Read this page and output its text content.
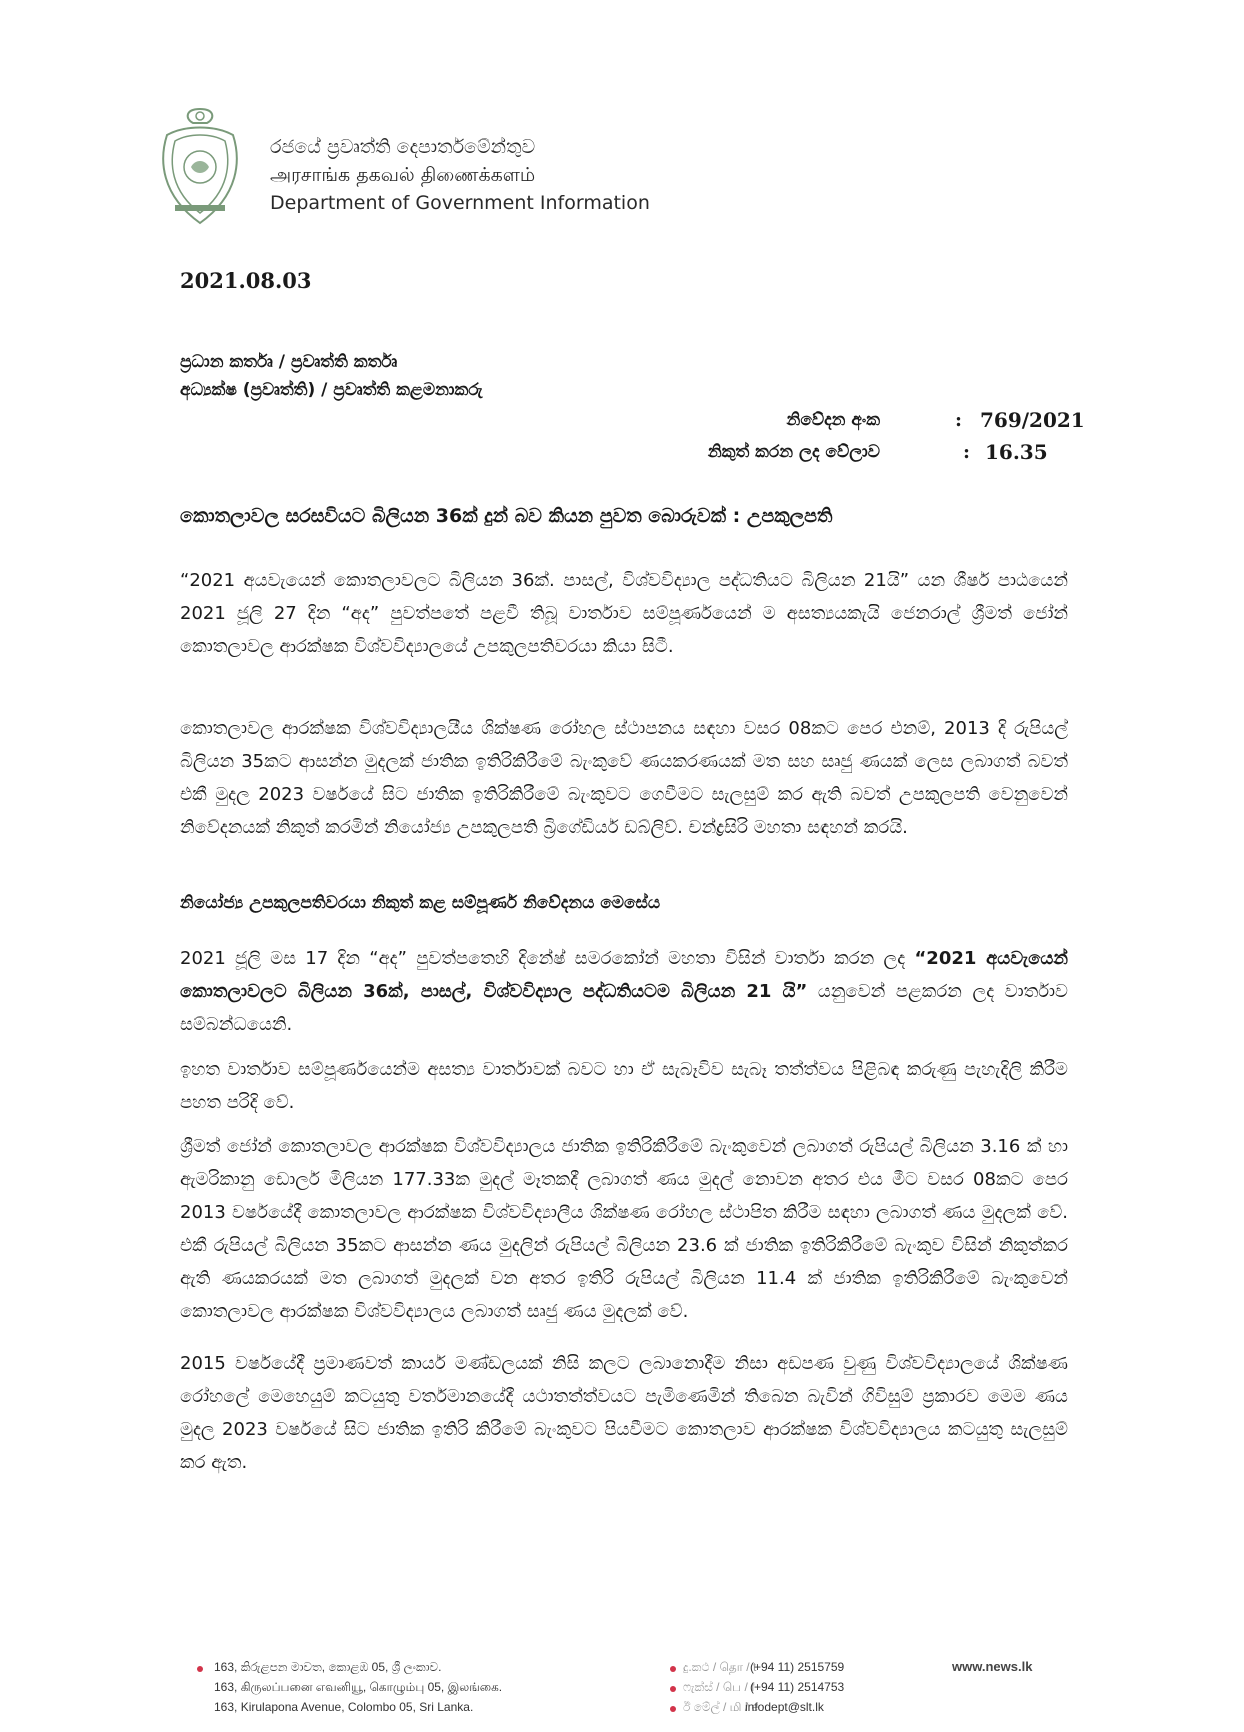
රජයේ ප්‍රවෘත්ති දෙපාර්තමේන්තුව
அரசாங்க தகவல் திணைக்களம்
Department of Government Information
2021.08.03
ප්‍රධාන කර්තෘ / ප්‍රවෘත්ති කර්තෘ
අධ්‍යක්ෂ (ප්‍රවෘත්ති) / ප්‍රවෘත්ති කළමනාකරු
නිවේදන අංක	: 769/2021
නිකුත් කරන ලද වේලාව	: 16.35
කොතලාවල සරසවියට බිලියන 36ක් දුන් බව කියන පුවත බොරුවක් : උපකුලපති

“2021 අයවැයෙන් කොතලාවලට බිලියන 36ක්. පාසල්, විශ්වවිද්‍යාල පද්ධතියට බිලියන 21යි” යන ශීර්ෂ පාඨයෙන් 2021 ජූලි 27 දින “අද” පුවත්පතේ පළවී තිබූ වාර්තාව සම්පූර්ණයෙන් ම අසත්‍යයකැයි ජෙනරාල් ශ්‍රීමත් ජෝන් කොතලාවල ආරක්ෂක විශ්වවිද්‍යාලයේ උපකුලපතිවරයා කියා සිටී.

කොතලාවල ආරක්ෂක විශ්වවිද්‍යාලයීය ශික්ෂණ රෝහල ස්ථාපනය සඳහා වසර 08කට පෙර එනම්, 2013 දි රුපියල් බිලියන 35කට ආසන්න මුදලක් ජාතික ඉතිරිකිරීමේ බැංකුවේ ණයකරණයක් මත සහ සෘජු ණයක් ලෙස ලබාගත් බවත් එකී මුදල 2023 වර්ෂයේ සිට ජාතික ඉතිරිකිරීමේ බැංකුවට ගෙවීමට සැලසුම් කර ඇති බවත් උපකුලපති වෙනුවෙන් නිවේදනයක් නිකුත් කරමින් නියෝජ්‍ය උපකුලපති බ්‍රිගේඩියර් ඩබ්ලිව්. චන්ද්‍රසිරි මහතා සඳහන් කරයි.

නියෝජ්‍ය උපකුලපතිවරයා නිකුත් කළ සම්පූර්ණ නිවේදනය මෙසේය

2021 ජූලි මස 17 දින “අද” පුවත්පතෙහි දිනේෂ් සමරකෝන් මහතා විසින් වාර්තා කරන ලද “2021 අයවැයෙන් කොතලාවලට බිලියන 36ක්, පාසල්, විශ්වවිද්‍යාල පද්ධතියටම බිලියන 21 යි” යනුවෙන් පළකරන ලද වාර්තාව සම්බන්ධයෙනි.

ඉහත වාර්තාව සම්පූර්ණයෙන්ම අසත්‍ය වාර්තාවක් බවට හා ඒ සැබෑවිව සැබෑ තත්ත්වය පිළිබඳ කරුණු පැහැදිලි කිරීම පහත පරිදි වේ.

ශ්‍රීමත් ජෝන් කොතලාවල ආරක්ෂක විශ්වවිද්‍යාලය ජාතික ඉතිරිකිරීමේ බැංකුවෙන් ලබාගත් රුපියල් බිලියන 3.16 ක් හා ඇමරිකානු ඩොලර් මිලියන 177.33ක මුදල් මෑතකදී ලබාගත් ණය මුදල් නොවන අතර එය මීට වසර 08කට පෙර 2013 වර්ෂයේදී කොතලාවල ආරක්ෂක විශ්වවිද්‍යාලීය ශික්ෂණ රෝහල ස්ථාපිත කිරීම සඳහා ලබාගත් ණය මුදලක් වේ. එකී රුපියල් බිලියන 35කට ආසන්න ණය මුදලින් රුපියල් බිලියන 23.6 ක් ජාතික ඉතිරිකිරීමේ බැංකුව විසින් නිකුත්කර ඇති ණයකරයක් මත ලබාගත් මුදලක් වන අතර ඉතිරි රුපියල් බිලියන 11.4 ක් ජාතික ඉතිරිකිරීමේ බැංකුවෙන් කොතලාවල ආරක්ෂක විශ්වවිද්‍යාලය ලබාගත් සෘජු ණය මුදලක් වේ.

2015 වර්ෂයේදී ප්‍රමාණවත් කාර්ය මණ්ඩලයක් නිසි කලට ලබානොදීම නිසා අඩපණ වුණු විශ්වවිද්‍යාලයේ ශික්ෂණ රෝහලේ මෙහෙයුම් කටයුතු වර්තමානයේදී යථාතත්ත්වයට පැමිණෙමින් තිබෙන බැවින් ගිවිසුම් ප්‍රකාරව මෙම ණය මුදල 2023 වර්ෂයේ සිට ජාතික ඉතිරි කිරීමේ බැංකුවට පියවීමට කොතලාව ආරක්ෂක විශ්වවිද්‍යාලය කටයුතු සැලසුම් කර ඇත.

163, කිරුළපන මාවත, කොළඹ 05, ශ්‍රී ලංකාව.
163, கிருலப்பனை எவனியூ, கொழும்பு 05, இலங்கை.
163, Kirulapona Avenue, Colombo 05, Sri Lanka.
දු.කථ / தொ / t
(+94 11) 2515759
ෆැක්ස් / பெ / f
(+94 11) 2514753
ඊ මේල් / மி / e
infodept@slt.lk
www.news.lk
